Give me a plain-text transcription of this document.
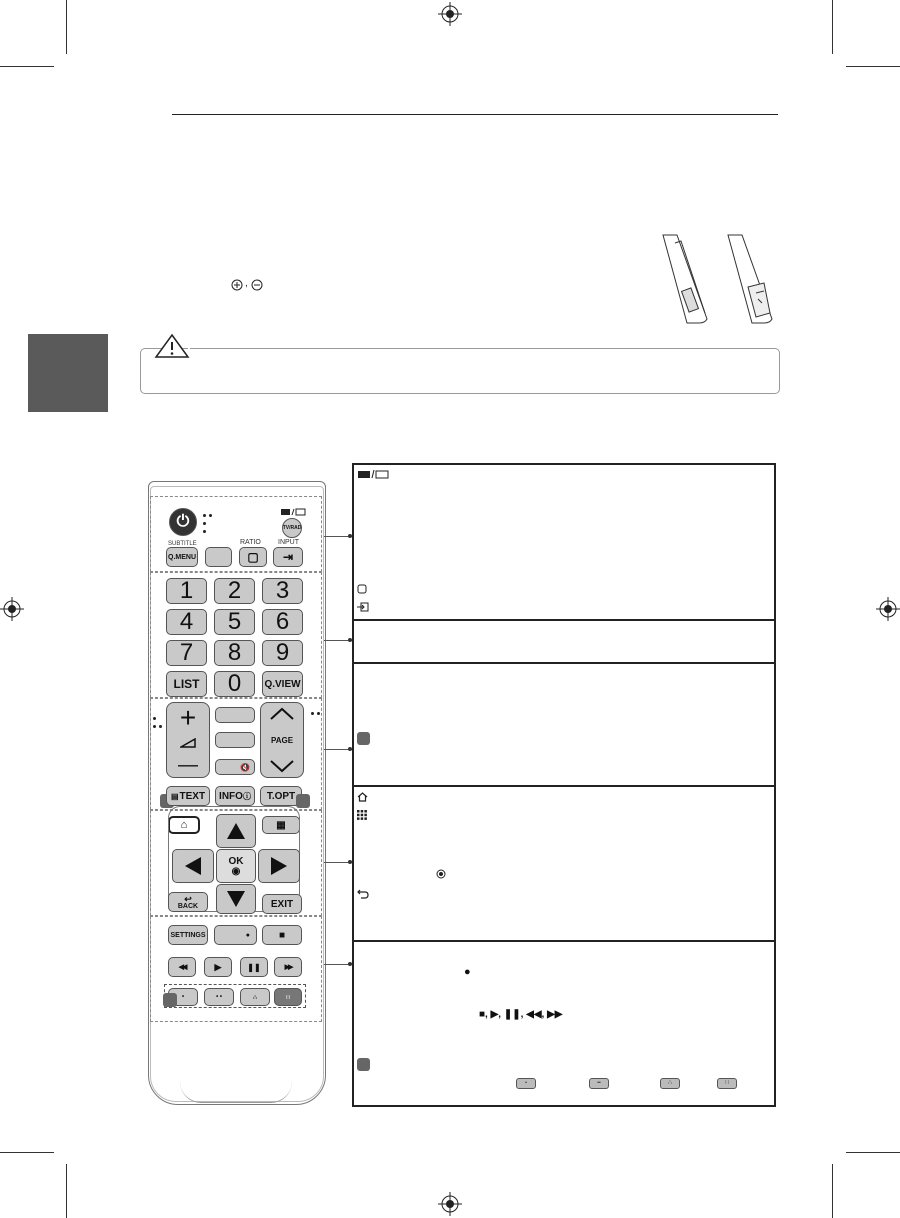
,
⏻	TV/RAD
SUBTITLE	RATIO INPUT
Q.MENU	▢	⇥
1	2	3
4	5	6
7	8	9
LIST	0	Q.VIEW
+
—	🔇
PAGE
▤ TEXT INFO ⓘ	T.OPT
⌂	▦
OK
◉
↩
BACK	EXIT
SETTINGS	●	■
◀◀	▶	❚❚	▶▶
•	• •	∴	∷
●
■, ▶, ❚❚, ◀◀, ▶▶
•	••	∴	∷
